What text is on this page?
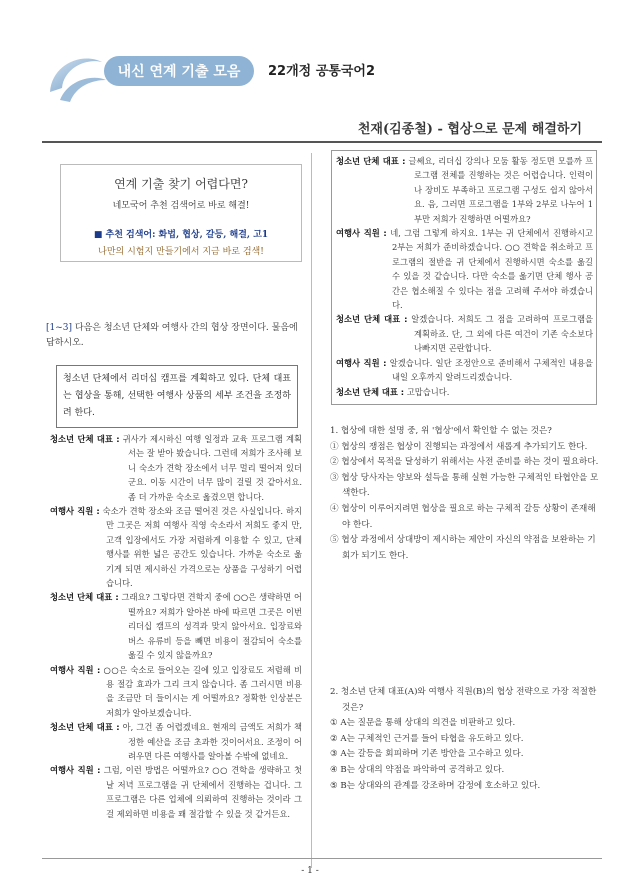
내신 연계 기출 모음	22개정 공통국어2
천재(김종철) - 협상으로 문제 해결하기
연계 기출 찾기 어렵다면?
네모국어 추천 검색어로 바로 해결!
■ 추천 검색어: 화법, 협상, 갈등, 해결, 고1
나만의 시험지 만들기에서 지금 바로 검색!
[1~3] 다음은 청소년 단체와 여행사 간의 협상 장면이다. 물음에 답하시오.
청소년 단체에서 리더십 캠프를 계획하고 있다. 단체 대표는 협상을 통해, 선택한 여행사 상품의 세부 조건을 조정하려 한다.
청소년 단체 대표 : 귀사가 제시하신 여행 일정과 교육 프로그램 계획서는 잘 받아 봤습니다. 그런데 저희가 조사해 보니 숙소가 견학 장소에서 너무 멀리 떨어져 있더군요. 이동 시간이 너무 많이 걸릴 것 같아서요. 좀 더 가까운 숙소로 옮겼으면 합니다.
여행사 직원 : 숙소가 견학 장소와 조금 떨어진 것은 사실입니다. 하지만 그곳은 저희 여행사 직영 숙소라서 저희도 좋지 만, 고객 입장에서도 가장 저렴하게 이용할 수 있고, 단체 행사를 위한 넓은 공간도 있습니다. 가까운 숙소로 옮기게 되면 제시하신 가격으로는 상품을 구성하기 어렵습니다.
청소년 단체 대표 : 그래요? 그렇다면 견학지 중에 ○○은 생략하면 어떨까요? 저희가 알아본 바에 따르면 그곳은 이번 리더십 캠프의 성격과 맞지 않아서요. 입장료와 버스 유류비 등을 빼면 비용이 절감되어 숙소를 옮길 수 있지 않을까요?
여행사 직원 : ○○은 숙소로 들어오는 길에 있고 입장료도 저렴해 비용 절감 효과가 그리 크지 않습니다. 좀 그러시면 비용을 조금만 더 들이시는 게 어떨까요? 정확한 인상분은 저희가 알아보겠습니다.
청소년 단체 대표 : 아, 그건 좀 어렵겠네요. 현재의 금액도 저희가 책정한 예산을 조금 초과한 것이어서요. 조정이 어려우면 다른 여행사를 알아볼 수밖에 없네요.
여행사 직원 : 그럼, 이런 방법은 어떨까요? ○○ 견학을 생략하고 첫 날 저녁 프로그램을 귀 단체에서 진행하는 겁니다. 그 프로그램은 다른 업체에 의뢰하여 진행하는 것이라 그걸 제외하면 비용을 꽤 절감할 수 있을 것 같거든요.
청소년 단체 대표 : 글쎄요, 리더십 강의나 모둠 활동 정도면 모를까 프로그램 전체를 진행하는 것은 어렵습니다. 인력이나 장비도 부족하고 프로그램 구성도 쉽지 않아서요. 음, 그러면 프로그램을 1부와 2부로 나누어 1부만 저희가 진행하면 어떨까요?
여행사 직원 : 네, 그럼 그렇게 하지요. 1부는 귀 단체에서 진행하시고 2부는 저희가 준비하겠습니다. ○○ 견학을 취소하고 프로그램의 절반을 귀 단체에서 진행하시면 숙소를 옮길 수 있을 것 같습니다. 다만 숙소를 옮기면 단체 행사 공간은 협소해질 수 있다는 점을 고려해 주셔야 하겠습니다.
청소년 단체 대표 : 알겠습니다. 저희도 그 점을 고려하여 프로그램을 계획하죠. 단, 그 외에 다른 여건이 기존 숙소보다 나빠지면 곤란합니다.
여행사 직원 : 알겠습니다. 일단 조정안으로 준비해서 구체적인 내용을 내일 오후까지 알려드리겠습니다.
청소년 단체 대표 : 고맙습니다.
1. 협상에 대한 설명 중, 위 '협상'에서 확인할 수 없는 것은?
① 협상의 쟁점은 협상이 진행되는 과정에서 새롭게 추가되기도 한다.
② 협상에서 목적을 달성하기 위해서는 사전 준비를 하는 것이 필요하다.
③ 협상 당사자는 양보와 설득을 통해 실현 가능한 구체적인 타협안을 모색한다.
④ 협상이 이루어지려면 협상을 필요로 하는 구체적 갈등 상황이 존재해야 한다.
⑤ 협상 과정에서 상대방이 제시하는 제안이 자신의 약점을 보완하는 기회가 되기도 한다.
2. 청소년 단체 대표(A)와 여행사 직원(B)의 협상 전략으로 가장 적절한 것은?
① A는 질문을 통해 상대의 의견을 비판하고 있다.
② A는 구체적인 근거를 들어 타협을 유도하고 있다.
③ A는 갈등을 회피하며 기존 방안을 고수하고 있다.
④ B는 상대의 약점을 파악하여 공격하고 있다.
⑤ B는 상대와의 관계를 강조하며 감정에 호소하고 있다.
- 1 -
